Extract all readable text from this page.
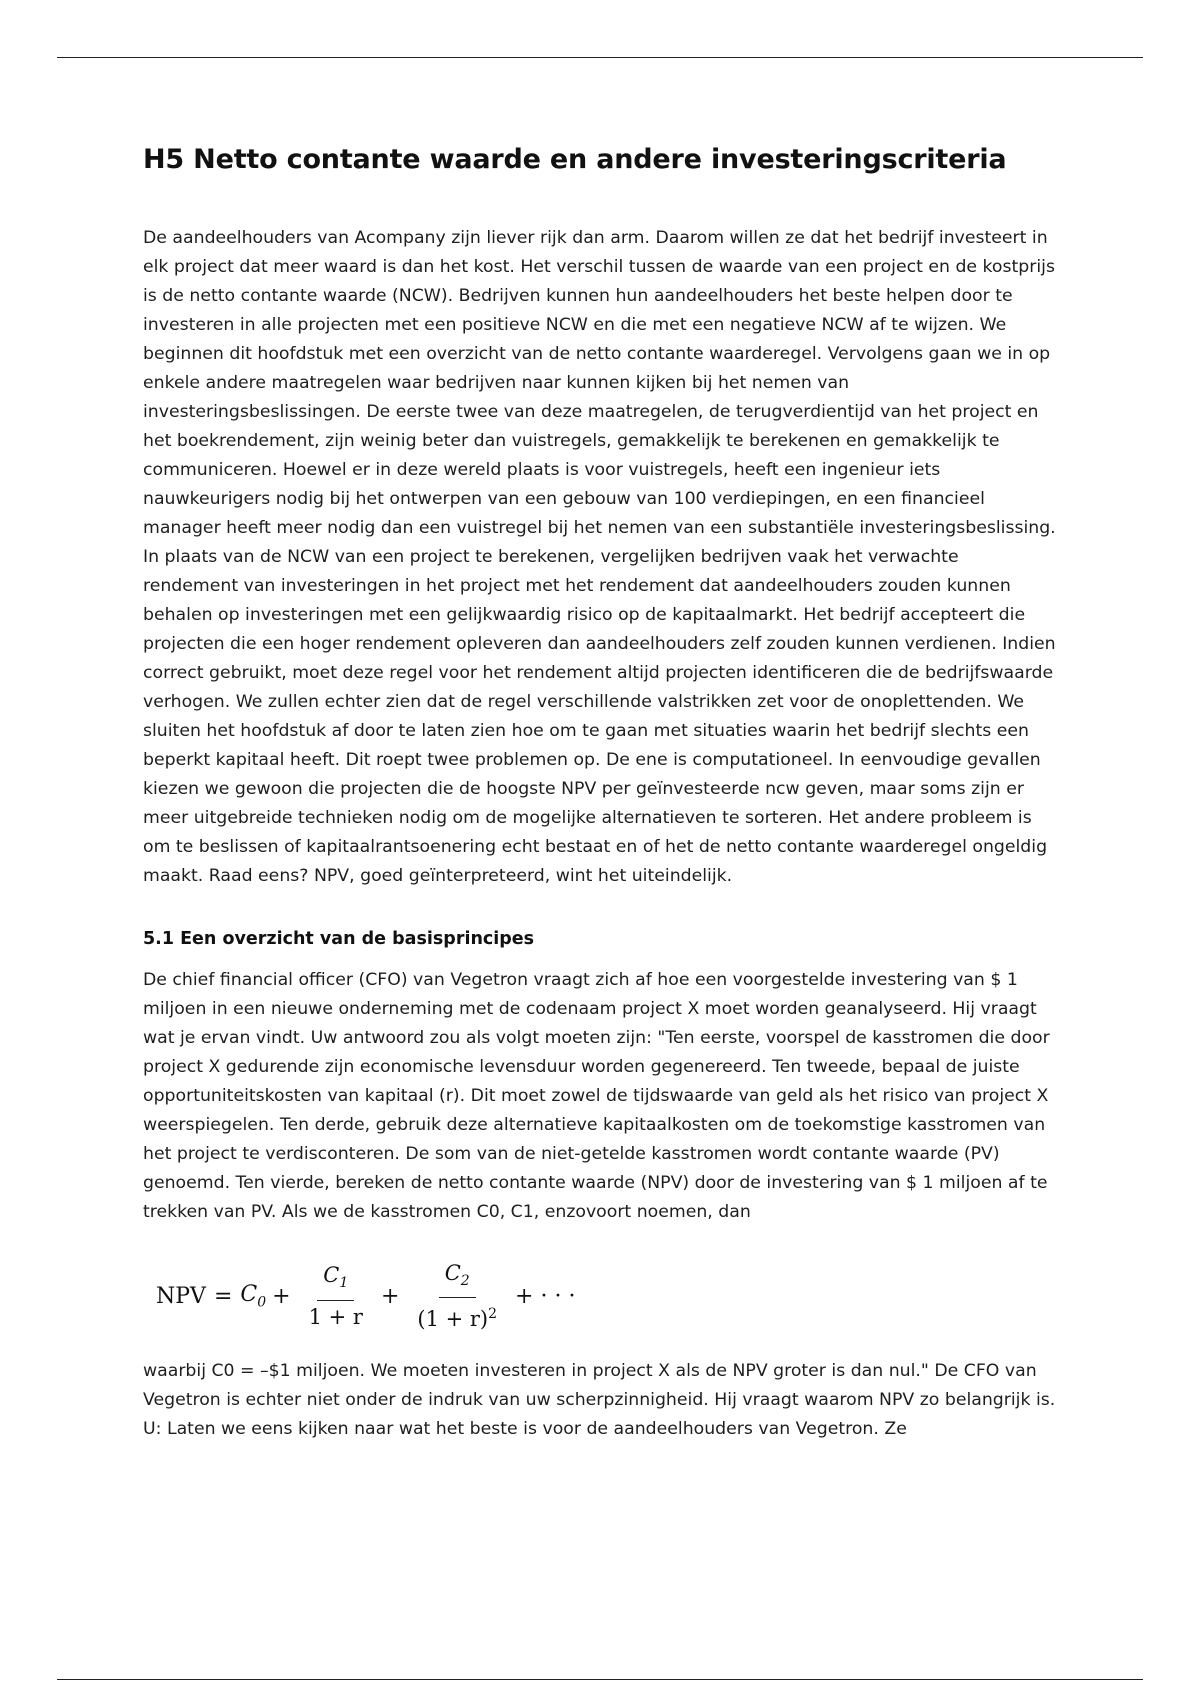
H5 Netto contante waarde en andere investeringscriteria

De aandeelhouders van Acompany zijn liever rijk dan arm. Daarom willen ze dat het bedrijf investeert in elk project dat meer waard is dan het kost. Het verschil tussen de waarde van een project en de kostprijs is de netto contante waarde (NCW). Bedrijven kunnen hun aandeelhouders het beste helpen door te investeren in alle projecten met een positieve NCW en die met een negatieve NCW af te wijzen. We beginnen dit hoofdstuk met een overzicht van de netto contante waarderegel. Vervolgens gaan we in op enkele andere maatregelen waar bedrijven naar kunnen kijken bij het nemen van investeringsbeslissingen. De eerste twee van deze maatregelen, de terugverdientijd van het project en het boekrendement, zijn weinig beter dan vuistregels, gemakkelijk te berekenen en gemakkelijk te communiceren. Hoewel er in deze wereld plaats is voor vuistregels, heeft een ingenieur iets nauwkeurigers nodig bij het ontwerpen van een gebouw van 100 verdiepingen, en een financieel manager heeft meer nodig dan een vuistregel bij het nemen van een substantiële investeringsbeslissing. In plaats van de NCW van een project te berekenen, vergelijken bedrijven vaak het verwachte rendement van investeringen in het project met het rendement dat aandeelhouders zouden kunnen behalen op investeringen met een gelijkwaardig risico op de kapitaalmarkt. Het bedrijf accepteert die projecten die een hoger rendement opleveren dan aandeelhouders zelf zouden kunnen verdienen. Indien correct gebruikt, moet deze regel voor het rendement altijd projecten identificeren die de bedrijfswaarde verhogen. We zullen echter zien dat de regel verschillende valstrikken zet voor de onoplettenden. We sluiten het hoofdstuk af door te laten zien hoe om te gaan met situaties waarin het bedrijf slechts een beperkt kapitaal heeft. Dit roept twee problemen op. De ene is computationeel. In eenvoudige gevallen kiezen we gewoon die projecten die de hoogste NPV per geïnvesteerde ncw geven, maar soms zijn er meer uitgebreide technieken nodig om de mogelijke alternatieven te sorteren. Het andere probleem is om te beslissen of kapitaalrantsoenering echt bestaat en of het de netto contante waarderegel ongeldig maakt. Raad eens? NPV, goed geïnterpreteerd, wint het uiteindelijk.

5.1 Een overzicht van de basisprincipes

De chief financial officer (CFO) van Vegetron vraagt zich af hoe een voorgestelde investering van $ 1 miljoen in een nieuwe onderneming met de codenaam project X moet worden geanalyseerd. Hij vraagt wat je ervan vindt. Uw antwoord zou als volgt moeten zijn: "Ten eerste, voorspel de kasstromen die door project X gedurende zijn economische levensduur worden gegenereerd. Ten tweede, bepaal de juiste opportuniteitskosten van kapitaal (r). Dit moet zowel de tijdswaarde van geld als het risico van project X weerspiegelen. Ten derde, gebruik deze alternatieve kapitaalkosten om de toekomstige kasstromen van het project te verdisconteren. De som van de niet-getelde kasstromen wordt contante waarde (PV) genoemd. Ten vierde, bereken de netto contante waarde (NPV) door de investering van $ 1 miljoen af te trekken van PV. Als we de kasstromen C0, C1, enzovoort noemen, dan

NPV = $C_0 + \frac{C_1}{1 + r} + \frac{C_2}{(1 + r)^2}$ + · · ·

waarbij C0 = –$1 miljoen. We moeten investeren in project X als de NPV groter is dan nul." De CFO van Vegetron is echter niet onder de indruk van uw scherpzinnigheid. Hij vraagt waarom NPV zo belangrijk is. U: Laten we eens kijken naar wat het beste is voor de aandeelhouders van Vegetron. Ze
